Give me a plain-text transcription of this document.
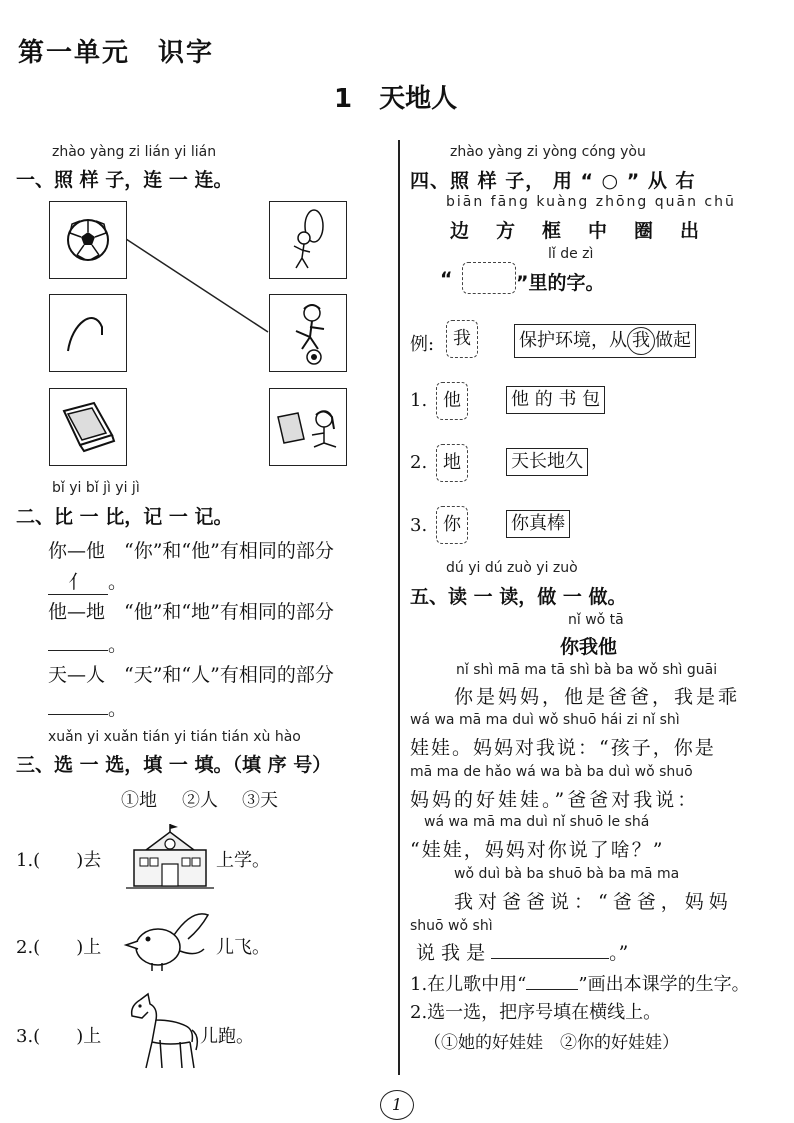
第一单元　识字
1 天地人
zhào yàng zi lián yi lián
一、照 样 子，连 一 连。
bǐ yi bǐ jì yi jì
二、比 一 比，记 一 记。
你—他　“你”和“他”有相同的部分
亻 。
他—地　“他”和“地”有相同的部分
。
天—人　“天”和“人”有相同的部分
。
xuǎn yi xuǎn tián yi tián tián xù hào
三、选 一 选，填 一 填。（填 序 号）
①地 ②人 ③天
1.(　　)去	上学。
2.(　　)上	儿飞。
3.(　　)上	儿跑。
zhào yàng zi yòng cóng yòu
四、照 样 子， 用 “ ○ ” 从 右
biān fāng kuàng zhōng quān chū
边　方　框　中　圈　出
lǐ de zì
“	”里的字。
例:	我	保护环境，从 我 做起
1. 他	他 的 书 包
2. 地	天长地久
3. 你	你真棒
dú yi dú zuò yi zuò
五、读 一 读，做 一 做。
nǐ wǒ tā
你我他
nǐ shì mā ma tā shì bà ba wǒ shì guāi
你是妈妈，他是爸爸，我是乖
wá wa mā ma duì wǒ shuō hái zi nǐ shì
娃娃。妈妈对我说：“孩子，你是
mā ma de hǎo wá wa bà ba duì wǒ shuō
妈妈的好娃娃。”爸爸对我说：
wá wa mā ma duì nǐ shuō le shá
“娃娃，妈妈对你说了啥？”
wǒ duì bà ba shuō bà ba mā ma
我对爸爸说：“爸爸，妈妈
shuō wǒ shì
说 我 是	。”
1.在儿歌中用“	”画出本课学的生字。
2.选一选，把序号填在横线上。
（①她的好娃娃　②你的好娃娃）
1
